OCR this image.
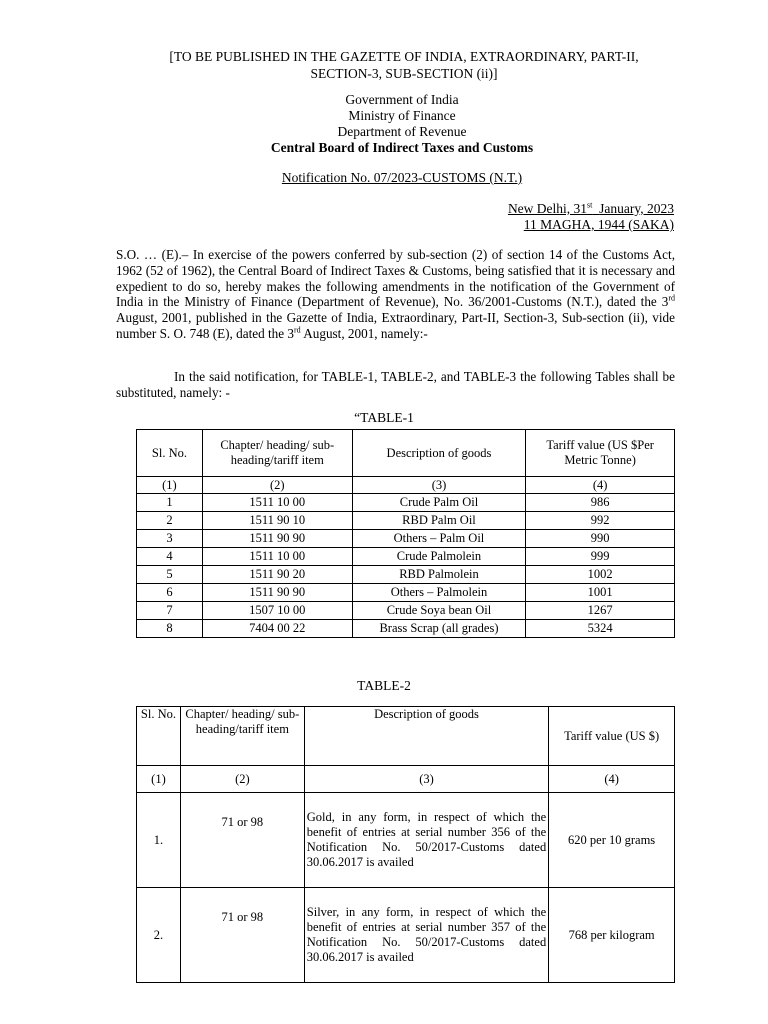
[TO BE PUBLISHED IN THE GAZETTE OF INDIA, EXTRAORDINARY, PART-II,
SECTION-3, SUB-SECTION (ii)]
Government of India
Ministry of Finance
Department of Revenue
Central Board of Indirect Taxes and Customs
Notification No. 07/2023-CUSTOMS (N.T.)
New Delhi, 31st January, 2023
11 MAGHA, 1944 (SAKA)
S.O. … (E).– In exercise of the powers conferred by sub-section (2) of section 14 of the Customs Act, 1962 (52 of 1962), the Central Board of Indirect Taxes & Customs, being satisfied that it is necessary and expedient to do so, hereby makes the following amendments in the notification of the Government of India in the Ministry of Finance (Department of Revenue), No. 36/2001-Customs (N.T.), dated the 3rd August, 2001, published in the Gazette of India, Extraordinary, Part-II, Section-3, Sub-section (ii), vide number S. O. 748 (E), dated the 3rd August, 2001, namely:-
In the said notification, for TABLE-1, TABLE-2, and TABLE-3 the following Tables shall be substituted, namely: -
“TABLE-1
Sl. No.	Chapter/ heading/ sub-heading/tariff item	Description of goods	Tariff value (US $Per Metric Tonne)
(1)	(2)	(3)	(4)
1	1511 10 00	Crude Palm Oil	986
2	1511 90 10	RBD Palm Oil	992
3	1511 90 90	Others – Palm Oil	990
4	1511 10 00	Crude Palmolein	999
5	1511 90 20	RBD Palmolein	1002
6	1511 90 90	Others – Palmolein	1001
7	1507 10 00	Crude Soya bean Oil	1267
8	7404 00 22	Brass Scrap (all grades)	5324
TABLE-2
Sl. No.	Chapter/ heading/ sub-heading/tariff item	Description of goods	Tariff value (US $)
(1)	(2)	(3)	(4)
1.	71 or 98	Gold, in any form, in respect of which the benefit of entries at serial number 356 of the Notification No. 50/2017-Customs dated 30.06.2017 is availed	620 per 10 grams
2.	71 or 98	Silver, in any form, in respect of which the benefit of entries at serial number 357 of the Notification No. 50/2017-Customs dated 30.06.2017 is availed	768 per kilogram
